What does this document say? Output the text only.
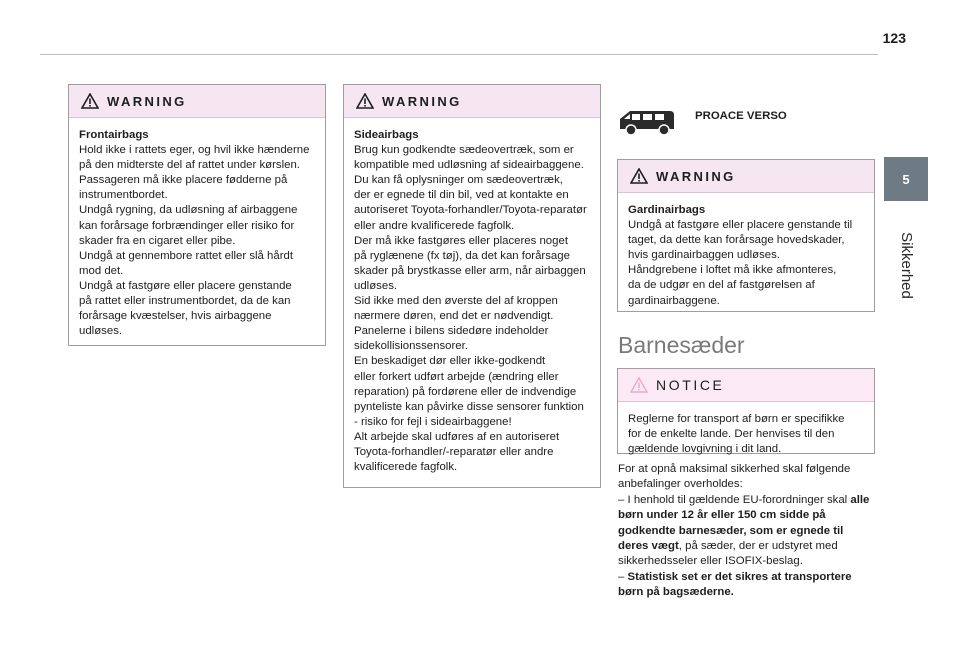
123
5
Sikkerhed
WARNING
Frontairbags
Hold ikke i rattets eger, og hvil ikke hænderne
på den midterste del af rattet under kørslen.
Passageren må ikke placere fødderne på
instrumentbordet.
Undgå rygning, da udløsning af airbaggene
kan forårsage forbrændinger eller risiko for
skader fra en cigaret eller pibe.
Undgå at gennembore rattet eller slå hårdt
mod det.
Undgå at fastgøre eller placere genstande
på rattet eller instrumentbordet, da de kan
forårsage kvæstelser, hvis airbaggene
udløses.
WARNING
Sideairbags
Brug kun godkendte sædeovertræk, som er
kompatible med udløsning af sideairbaggene.
Du kan få oplysninger om sædeovertræk,
der er egnede til din bil, ved at kontakte en
autoriseret Toyota-forhandler/Toyota-reparatør
eller andre kvalificerede fagfolk.
Der må ikke fastgøres eller placeres noget
på ryglænene (fx tøj), da det kan forårsage
skader på brystkasse eller arm, når airbaggen
udløses.
Sid ikke med den øverste del af kroppen
nærmere døren, end det er nødvendigt.
Panelerne i bilens sidedøre indeholder
sidekollisionssensorer.
En beskadiget dør eller ikke-godkendt
eller forkert udført arbejde (ændring eller
reparation) på fordørene eller de indvendige
pynteliste kan påvirke disse sensorer funktion
- risiko for fejl i sideairbaggene!
Alt arbejde skal udføres af en autoriseret
Toyota-forhandler/-reparatør eller andre
kvalificerede fagfolk.
PROACE VERSO
WARNING
Gardinairbags
Undgå at fastgøre eller placere genstande til
taget, da dette kan forårsage hovedskader,
hvis gardinairbaggen udløses.
Håndgrebene i loftet må ikke afmonteres,
da de udgør en del af fastgørelsen af
gardinairbaggene.
Barnesæder
NOTICE
Reglerne for transport af børn er specifikke
for de enkelte lande. Der henvises til den
gældende lovgivning i dit land.
For at opnå maksimal sikkerhed skal følgende anbefalinger overholdes:
– I henhold til gældende EU-forordninger skal alle børn under 12 år eller 150 cm sidde på godkendte barnesæder, som er egnede til deres vægt, på sæder, der er udstyret med sikkerhedsseler eller ISOFIX-beslag.
– Statistisk set er det sikres at transportere børn på bagsæderne.
